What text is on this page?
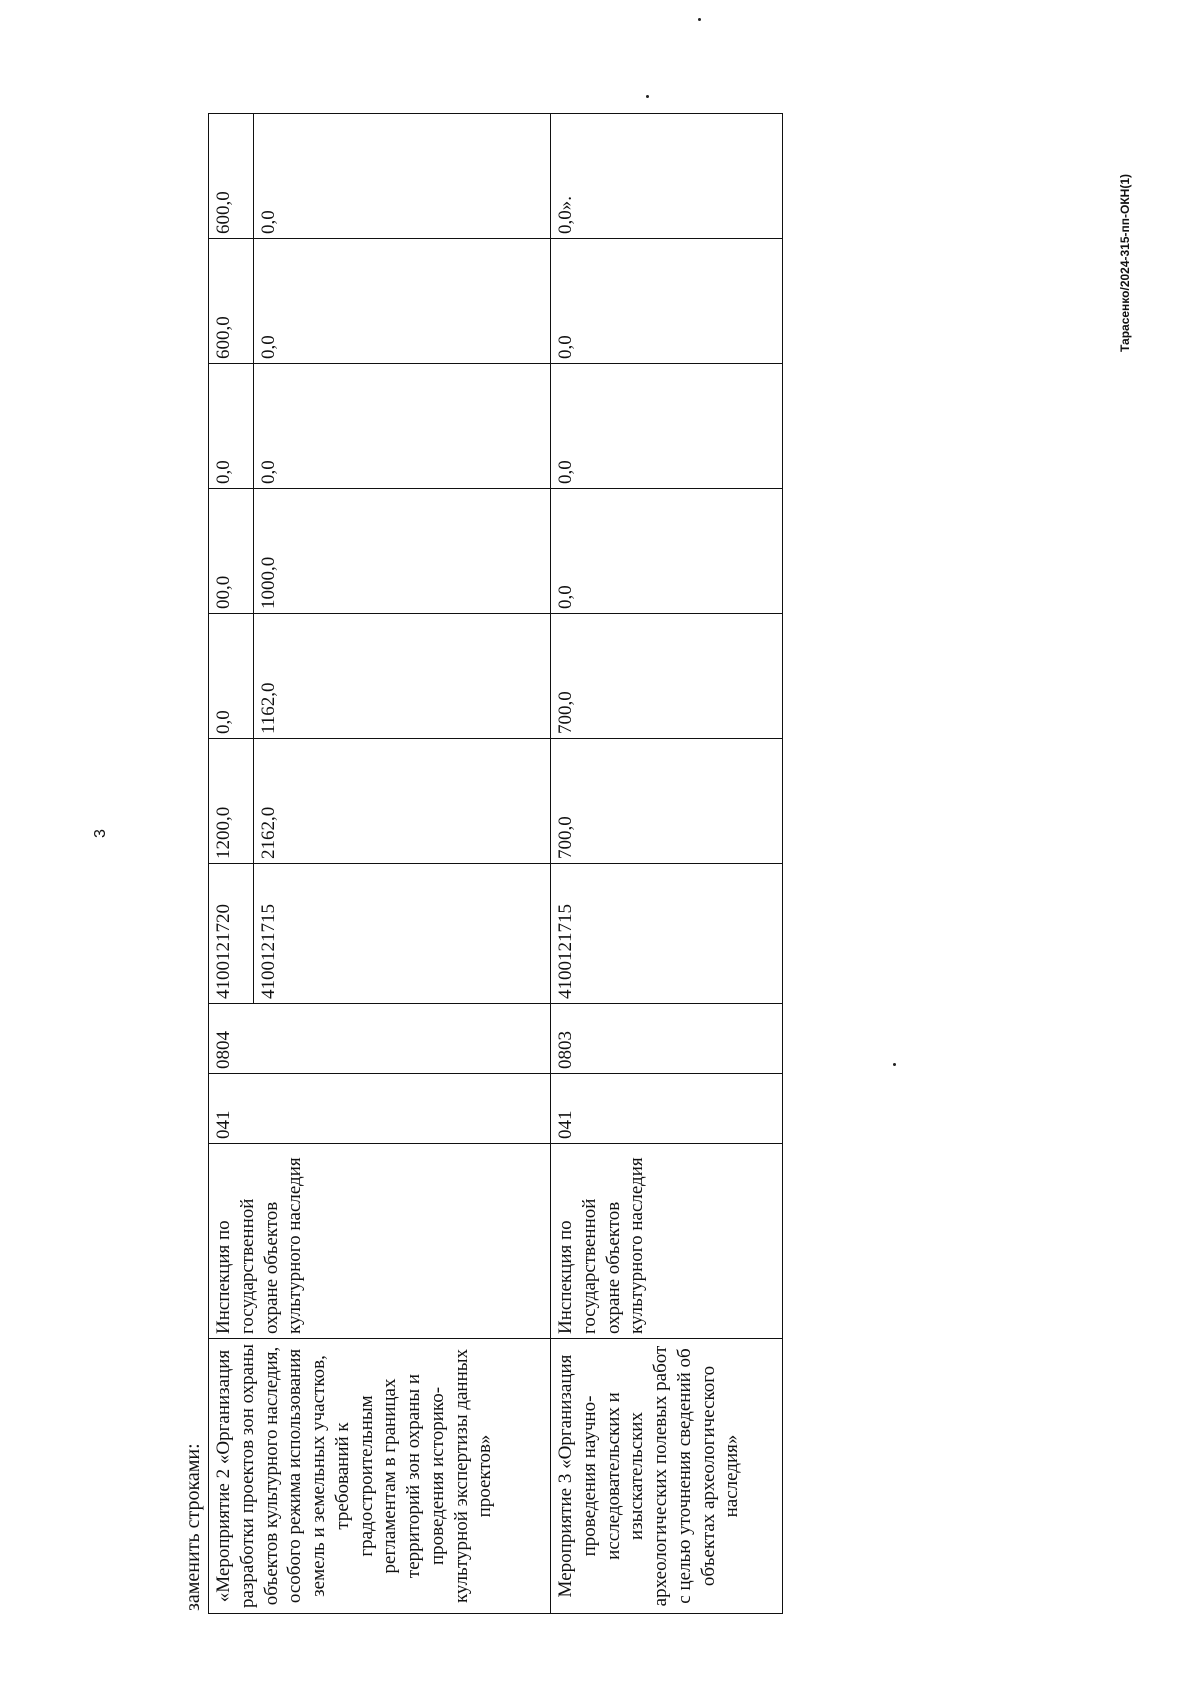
3
Тарасенко/2024-315-пп-ОКН(1)
заменить строками: «Мероприятие 2 «Организация разработки проектов зон охраны объектов культурного наследия, особого режима использования земель и земельных участков, требований к градостроительным регламентам в границах территорий зон охраны и проведения историко-культурной экспертизы данных проектов»	Инспекция по государственной охране объектов культурного наследия	041	0804	4100121720	1200,0	0,0	00,0	0,0	600,0	600,0
				4100121715	2162,0	1162,0	1000,0	0,0	0,0	0,0
Мероприятие 3 «Организация проведения научно-исследовательских и изыскательских археологических полевых работ с целью уточнения сведений об объектах археологического наследия»	Инспекция по государственной охране объектов культурного наследия	041	0803	4100121715	700,0	700,0	0,0	0,0	0,0	0,0».
